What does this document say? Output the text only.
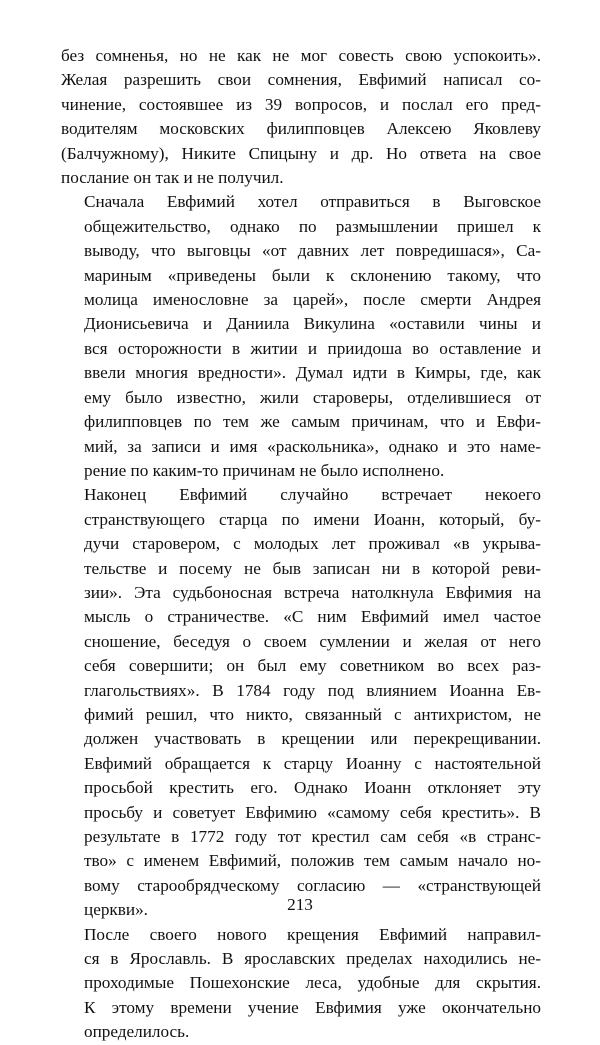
без сомненья, но не как не мог совесть свою успокоить».
Желая разрешить свои сомнения, Евфимий написал со-
чинение, состоявшее из 39 вопросов, и послал его пред-
водителям московских филипповцев Алексею Яковлеву
(Балчужному), Никите Спицыну и др. Но ответа на свое
послание он так и не получил.

Сначала Евфимий хотел отправиться в Выговское
общежительство, однако по размышлении пришел к
выводу, что выговцы «от давних лет повредишася», Са-
мариным «приведены были к склонению такому, что
молица именословне за царей», после смерти Андрея
Дионисьевича и Даниила Викулина «оставили чины и
вся осторожности в житии и приидоша во оставление и
ввели многия вредности». Думал идти в Кимры, где, как
ему было известно, жили староверы, отделившиеся от
филипповцев по тем же самым причинам, что и Евфи-
мий, за записи и имя «раскольника», однако и это наме-
рение по каким-то причинам не было исполнено.

Наконец Евфимий случайно встречает некоего
странствующего старца по имени Иоанн, который, бу-
дучи старовером, с молодых лет проживал «в укрыва-
тельстве и посему не быв записан ни в которой реви-
зии». Эта судьбоносная встреча натолкнула Евфимия на
мысль о страничестве. «С ним Евфимий имел частое
сношение, беседуя о своем сумлении и желая от него
себя совершити; он был ему советником во всех раз-
глагольствиях». В 1784 году под влиянием Иоанна Ев-
фимий решил, что никто, связанный с антихристом, не
должен участвовать в крещении или перекрещивании.
Евфимий обращается к старцу Иоанну с настоятельной
просьбой крестить его. Однако Иоанн отклоняет эту
просьбу и советует Евфимию «самому себя крестить». В
результате в 1772 году тот крестил сам себя «в странс-
тво» с именем Евфимий, положив тем самым начало но-
вому старообрядческому согласию — «странствующей
церкви».

После своего нового крещения Евфимий направил-
ся в Ярославль. В ярославских пределах находились не-
проходимые Пошехонские леса, удобные для скрытия.
К этому времени учение Евфимия уже окончательно
определилось.

213
